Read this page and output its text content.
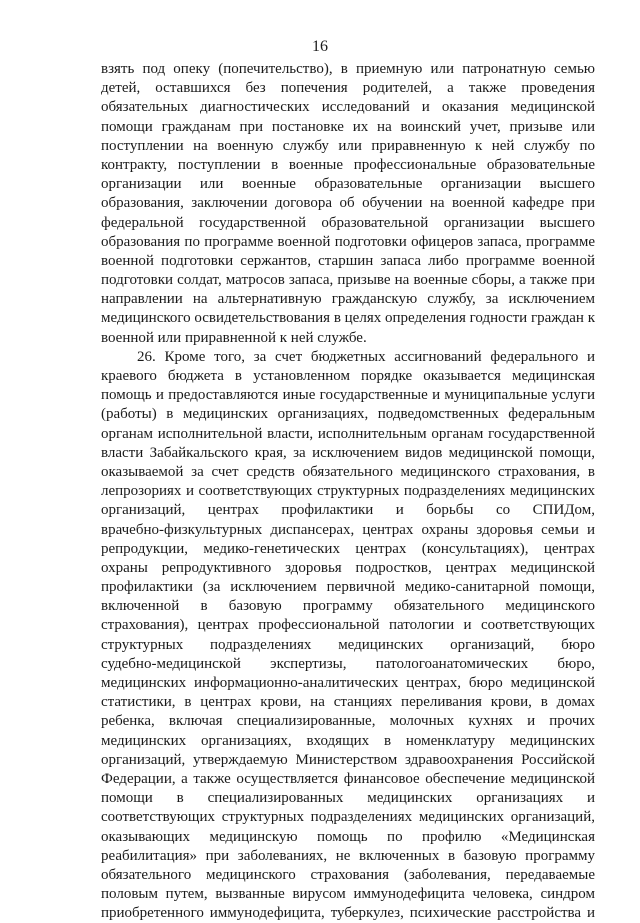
16
взять под опеку (попечительство), в приемную или патронатную семью
детей, оставшихся без попечения родителей, а также проведения
обязательных диагностических исследований и оказания медицинской
помощи гражданам при постановке их на воинский учет, призыве или
поступлении на военную службу или приравненную к ней службу по
контракту, поступлении в военные профессиональные образовательные
организации или военные образовательные организации высшего
образования, заключении договора об обучении на военной кафедре при
федеральной государственной образовательной организации высшего
образования по программе военной подготовки офицеров запаса, программе
военной подготовки сержантов, старшин запаса либо программе военной
подготовки солдат, матросов запаса, призыве на военные сборы, а также при
направлении на альтернативную гражданскую службу, за исключением
медицинского освидетельствования в целях определения годности граждан к
военной или приравненной к ней службе.
26. Кроме того, за счет бюджетных ассигнований федерального и
краевого бюджета в установленном порядке оказывается медицинская
помощь и предоставляются иные государственные и муниципальные услуги
(работы) в медицинских организациях, подведомственных федеральным
органам исполнительной власти, исполнительным органам государственной
власти Забайкальского края, за исключением видов медицинской помощи,
оказываемой за счет средств обязательного медицинского страхования, в
лепрозориях и соответствующих структурных подразделениях медицинских
организаций, центрах профилактики и борьбы со СПИДом,
врачебно-физкультурных диспансерах, центрах охраны здоровья семьи и
репродукции, медико-генетических центрах (консультациях), центрах
охраны репродуктивного здоровья подростков, центрах медицинской
профилактики (за исключением первичной медико-санитарной помощи,
включенной в базовую программу обязательного медицинского
страхования), центрах профессиональной патологии и соответствующих
структурных подразделениях медицинских организаций, бюро
судебно-медицинской экспертизы, патологоанатомических бюро,
медицинских информационно-аналитических центрах, бюро медицинской
статистики, в центрах крови, на станциях переливания крови, в домах
ребенка, включая специализированные, молочных кухнях и прочих
медицинских организациях, входящих в номенклатуру медицинских
организаций, утверждаемую Министерством здравоохранения Российской
Федерации, а также осуществляется финансовое обеспечение медицинской
помощи в специализированных медицинских организациях и
соответствующих структурных подразделениях медицинских организаций,
оказывающих медицинскую помощь по профилю «Медицинская
реабилитация» при заболеваниях, не включенных в базовую программу
обязательного медицинского страхования (заболевания, передаваемые
половым путем, вызванные вирусом иммунодефицита человека, синдром
приобретенного иммунодефицита, туберкулез, психические расстройства и
